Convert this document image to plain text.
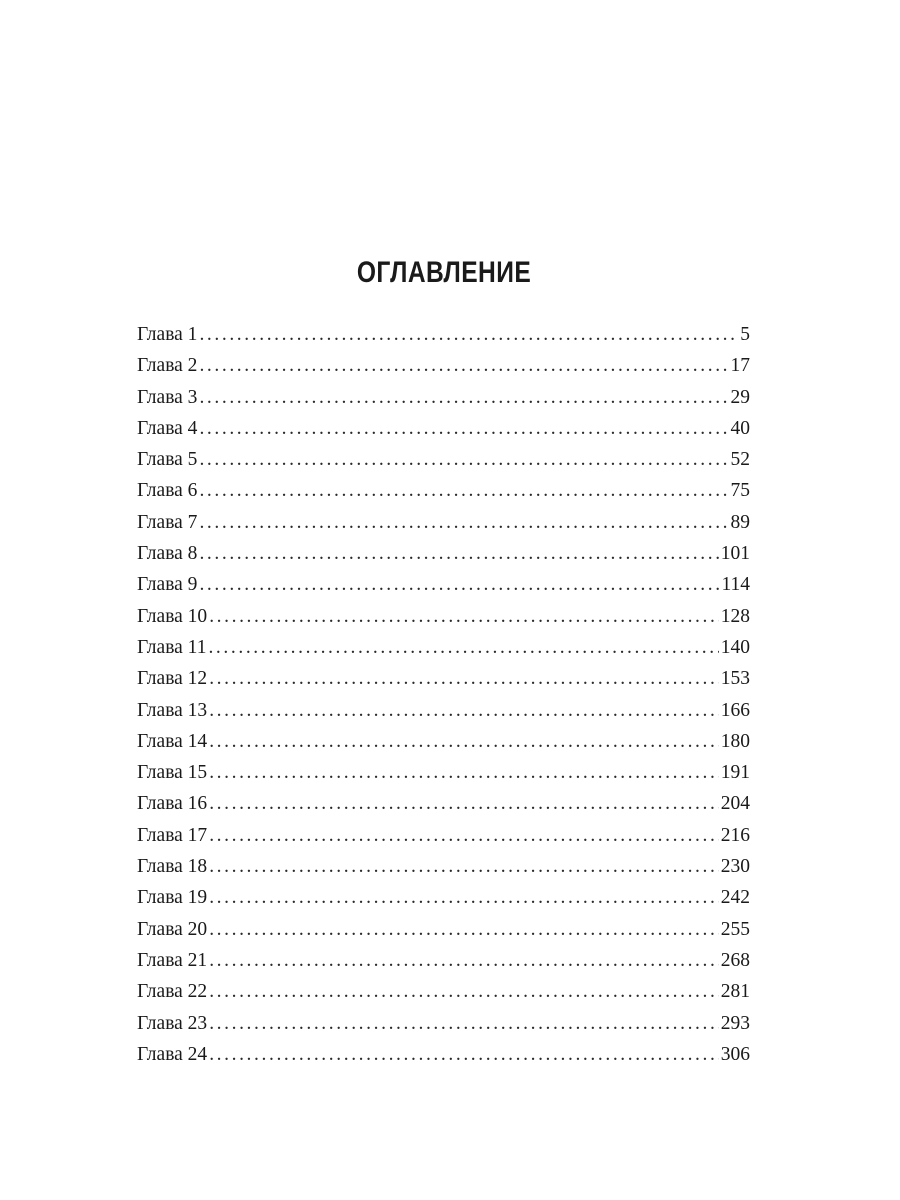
ОГЛАВЛЕНИЕ
Глава 1 .....	5
Глава 2 .....	17
Глава 3 .....	29
Глава 4 .....	40
Глава 5 .....	52
Глава 6 .....	75
Глава 7 .....	89
Глава 8 .....	101
Глава 9 .....	114
Глава 10 .....	128
Глава 11 .....	140
Глава 12 .....	153
Глава 13 .....	166
Глава 14 .....	180
Глава 15 .....	191
Глава 16 .....	204
Глава 17 .....	216
Глава 18 .....	230
Глава 19 .....	242
Глава 20 .....	255
Глава 21 .....	268
Глава 22 .....	281
Глава 23 .....	293
Глава 24 .....	306
